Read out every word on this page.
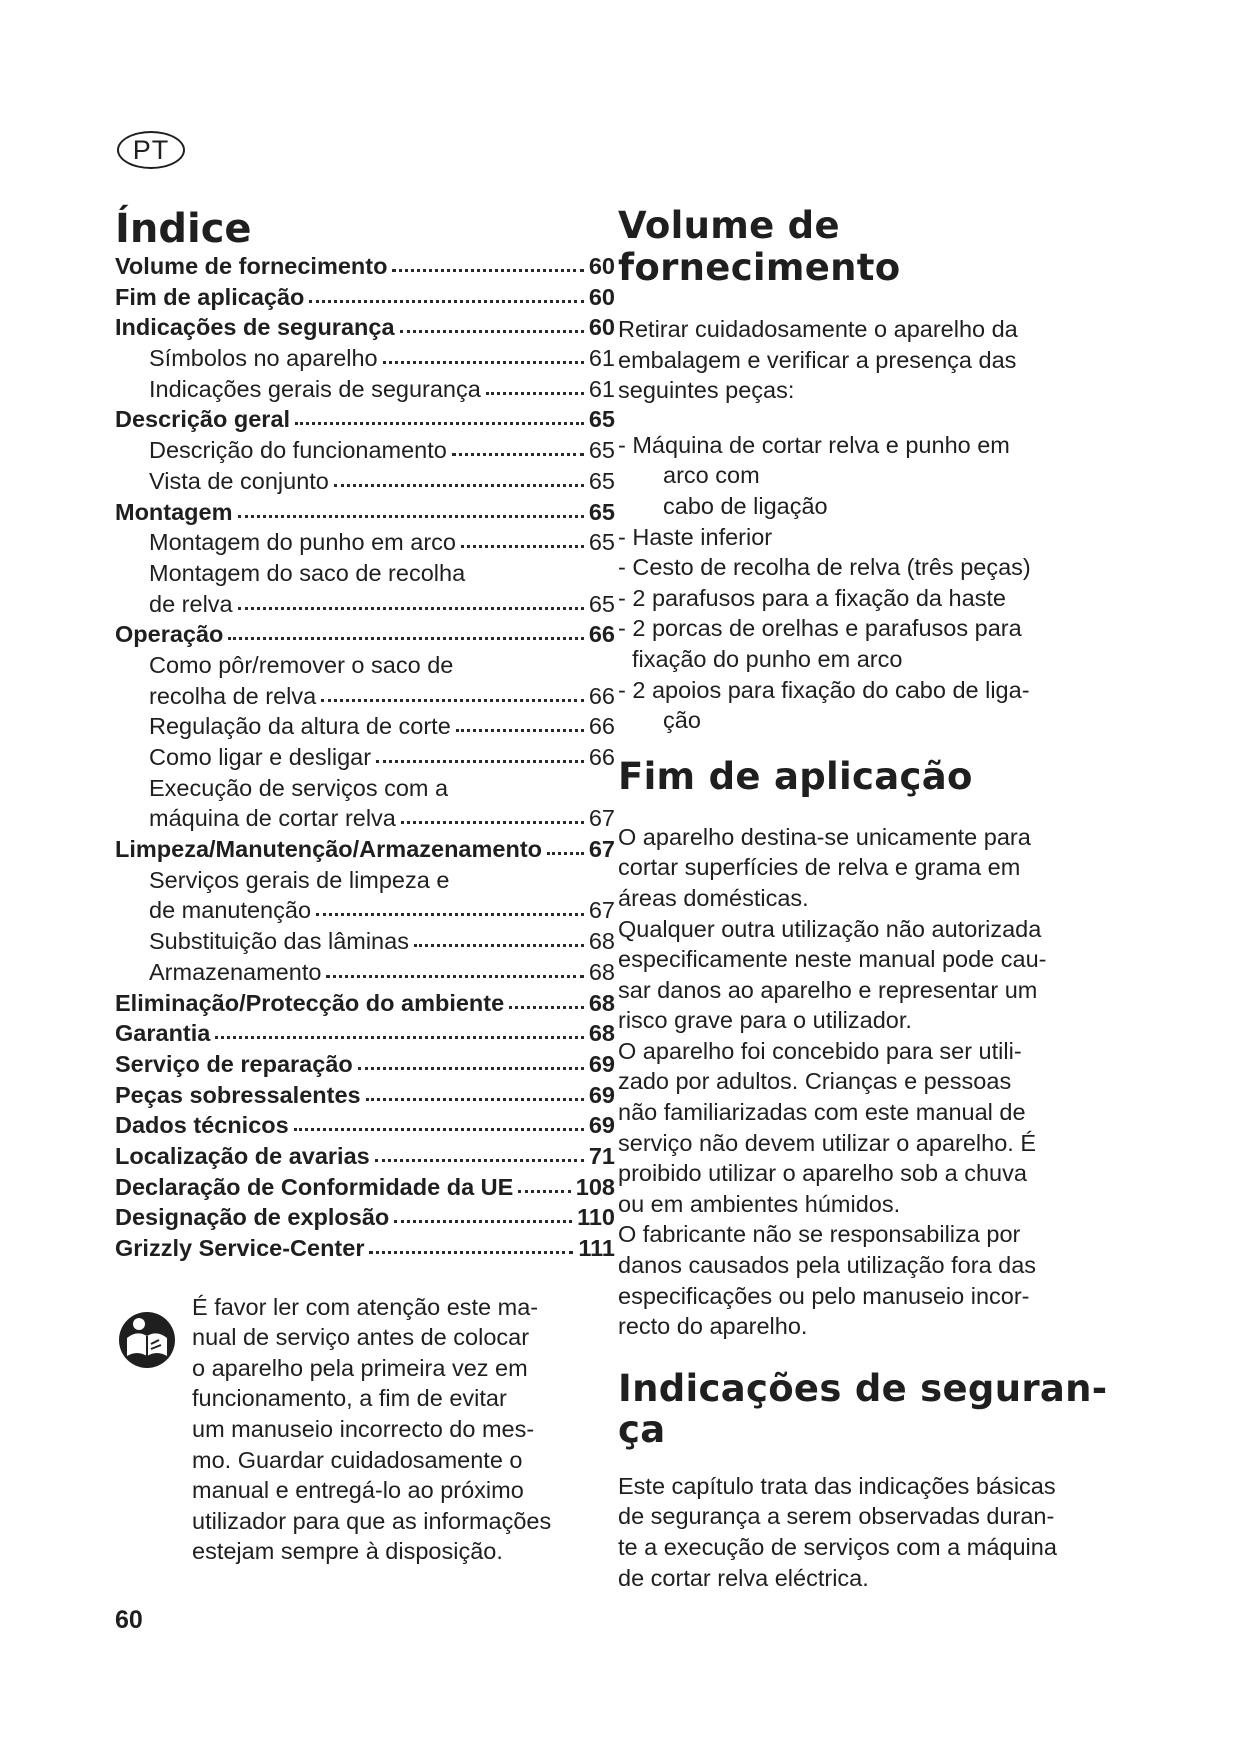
PT
Índice
Volume de fornecimento	60
Fim de aplicação	60
Indicações de segurança	60
Símbolos no aparelho	61
Indicações gerais de segurança	61
Descrição geral	65
Descrição do funcionamento	65
Vista de conjunto	65
Montagem	65
Montagem do punho em arco	65
Montagem do saco de recolha
de relva	65
Operação	66
Como pôr/remover o saco de
recolha de relva	66
Regulação da altura de corte	66
Como ligar e desligar	66
Execução de serviços com a
máquina de cortar relva	67
Limpeza/Manutenção/Armazenamento 67
Serviços gerais de limpeza e
de manutenção	67
Substituição das lâminas	68
Armazenamento	68
Eliminação/Protecção do ambiente	68
Garantia	68
Serviço de reparação	69
Peças sobressalentes	69
Dados técnicos	69
Localização de avarias	71
Declaração de Conformidade da UE	108
Designação de explosão	110
Grizzly Service-Center	111
É favor ler com atenção este ma-
nual de serviço antes de colocar
o aparelho pela primeira vez em
funcionamento, a fim de evitar
um manuseio incorrecto do mes-
mo. Guardar cuidadosamente o
manual e entregá-lo ao próximo
utilizador para que as informações
estejam sempre à disposição.
Volume de fornecimento
Retirar cuidadosamente o aparelho da
embalagem e verificar a presença das
seguintes peças:
- Máquina de cortar relva e punho em
arco com
cabo de ligação
- Haste inferior
- Cesto de recolha de relva (três peças)
- 2 parafusos para a fixação da haste
- 2 porcas de orelhas e parafusos para
fixação do punho em arco
- 2 apoios para fixação do cabo de liga-
ção
Fim de aplicação
O aparelho destina-se unicamente para
cortar superfícies de relva e grama em
áreas domésticas.
Qualquer outra utilização não autorizada
especificamente neste manual pode cau-
sar danos ao aparelho e representar um
risco grave para o utilizador.
O aparelho foi concebido para ser utili-
zado por adultos. Crianças e pessoas
não familiarizadas com este manual de
serviço não devem utilizar o aparelho. É
proibido utilizar o aparelho sob a chuva
ou em ambientes húmidos.
O fabricante não se responsabiliza por
danos causados pela utilização fora das
especificações ou pelo manuseio incor-
recto do aparelho.
Indicações de seguran-
ça
Este capítulo trata das indicações básicas
de segurança a serem observadas duran-
te a execução de serviços com a máquina
de cortar relva eléctrica.
60
